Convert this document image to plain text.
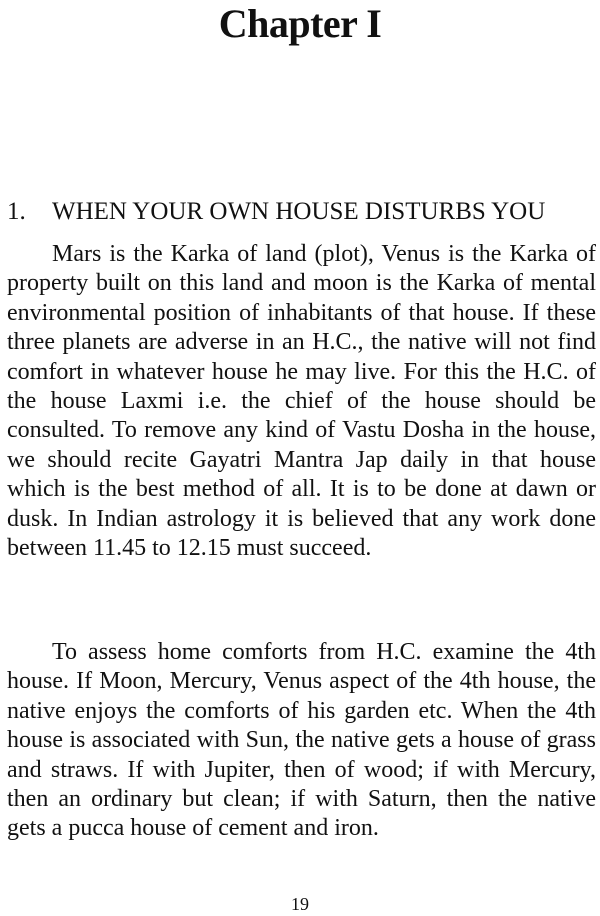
Chapter I
1. WHEN YOUR OWN HOUSE DISTURBS YOU

Mars is the Karka of land (plot), Venus is the Karka of property built on this land and moon is the Karka of mental environmental position of inhabitants of that house. If these three planets are adverse in an H.C., the native will not find comfort in whatever house he may live. For this the H.C. of the house Laxmi i.e. the chief of the house should be consulted. To remove any kind of Vastu Dosha in the house, we should recite Gayatri Mantra Jap daily in that house which is the best method of all. It is to be done at dawn or dusk. In Indian astrology it is believed that any work done between 11.45 to 12.15 must succeed.

To assess home comforts from H.C. examine the 4th house. If Moon, Mercury, Venus aspect of the 4th house, the native enjoys the comforts of his garden etc. When the 4th house is associated with Sun, the native gets a house of grass and straws. If with Jupiter, then of wood; if with Mercury, then an ordinary but clean; if with Saturn, then the native gets a pucca house of cement and iron.

19
